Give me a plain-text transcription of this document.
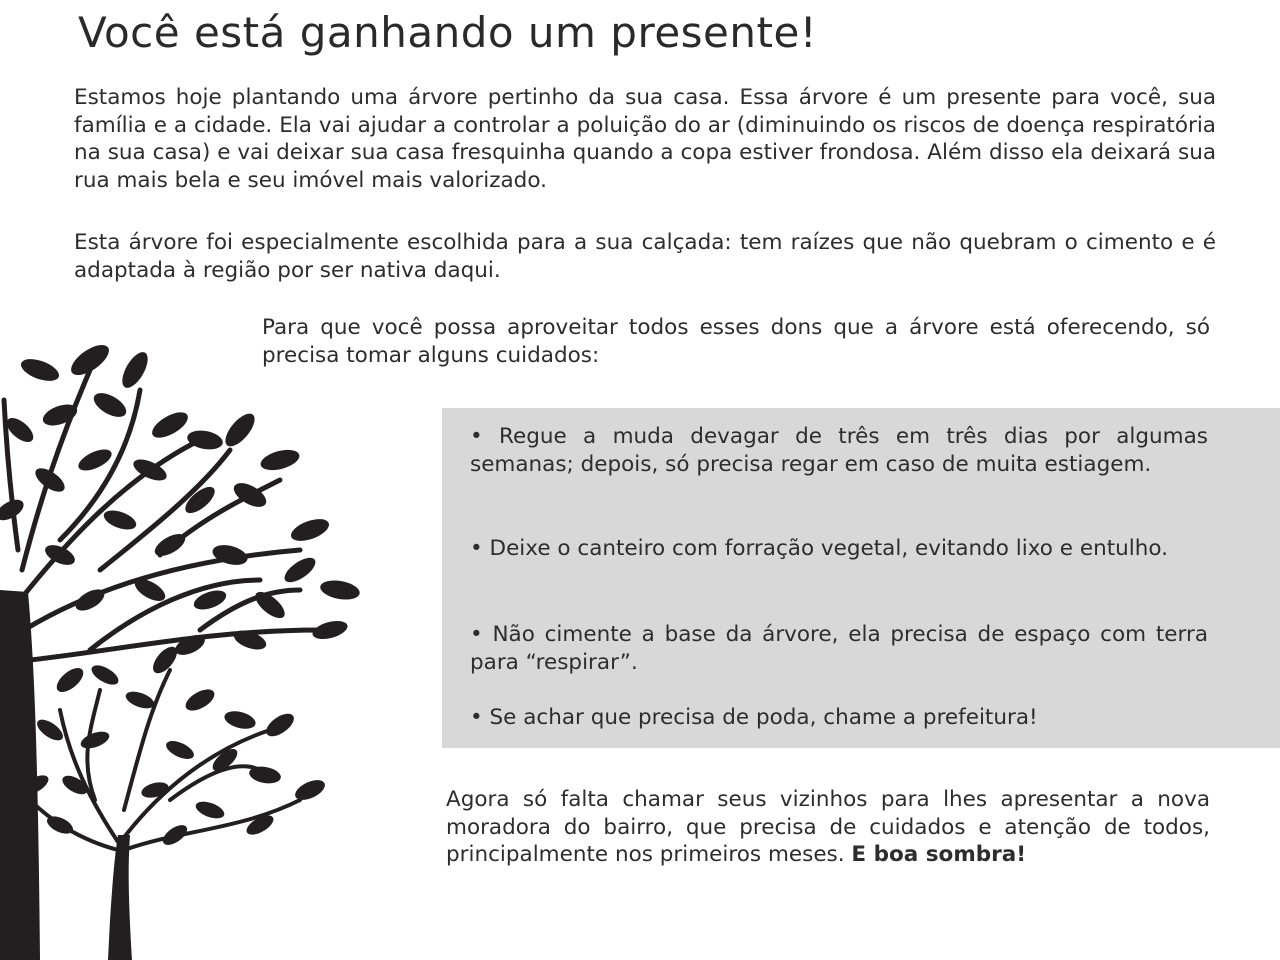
Você está ganhando um presente!

Estamos hoje plantando uma árvore pertinho da sua casa. Essa árvore é um presente para você, sua família e a cidade. Ela vai ajudar a controlar a poluição do ar (diminuindo os riscos de doença respiratória na sua casa) e vai deixar sua casa fresquinha quando a copa estiver frondosa. Além disso ela deixará sua rua mais bela e seu imóvel mais valorizado.

Esta árvore foi especialmente escolhida para a sua calçada: tem raízes que não quebram o cimento e é adaptada à região por ser nativa daqui.

Para que você possa aproveitar todos esses dons que a árvore está oferecendo, só precisa tomar alguns cuidados:

• Regue a muda devagar de três em três dias por algumas semanas; depois, só precisa regar em caso de muita estiagem.

• Deixe o canteiro com forração vegetal, evitando lixo e entulho.

• Não cimente a base da árvore, ela precisa de espaço com terra para “respirar”.

• Se achar que precisa de poda, chame a prefeitura!

Agora só falta chamar seus vizinhos para lhes apresentar a nova moradora do bairro, que precisa de cuidados e atenção de todos, principalmente nos primeiros meses. E boa sombra!
